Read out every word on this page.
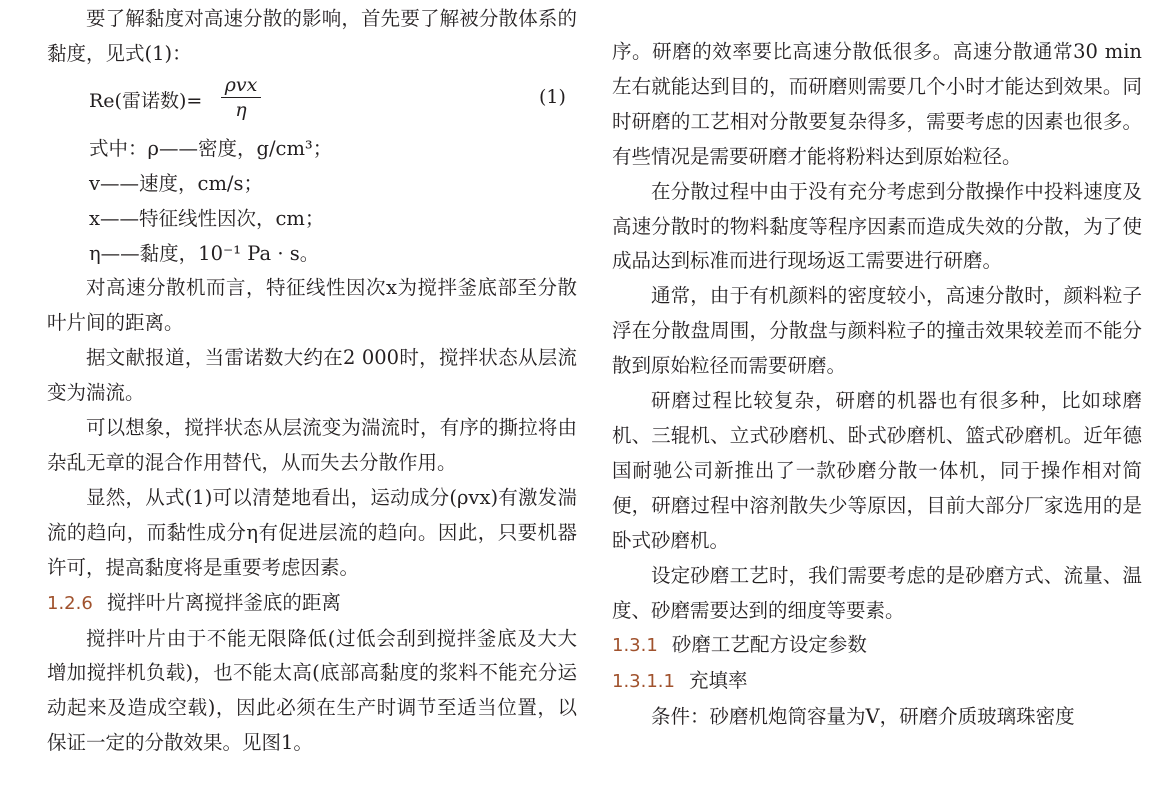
要了解黏度对高速分散的影响，首先要了解被分散体系的黏度，见式(1)：

Re(雷诺数)=
ρvx
η
(1)

式中：ρ——密度，g/cm³；

v——速度，cm/s；

x——特征线性因次，cm；

η——黏度，10⁻¹ Pa · s。

对高速分散机而言，特征线性因次x为搅拌釜底部至分散叶片间的距离。

据文献报道，当雷诺数大约在2 000时，搅拌状态从层流变为湍流。

可以想象，搅拌状态从层流变为湍流时，有序的撕拉将由杂乱无章的混合作用替代，从而失去分散作用。

显然，从式(1)可以清楚地看出，运动成分(ρvx)有激发湍流的趋向，而黏性成分η有促进层流的趋向。因此，只要机器许可，提高黏度将是重要考虑因素。

1.2.6 搅拌叶片离搅拌釜底的距离

搅拌叶片由于不能无限降低(过低会刮到搅拌釜底及大大增加搅拌机负载)，也不能太高(底部高黏度的浆料不能充分运动起来及造成空载)，因此必须在生产时调节至适当位置，以保证一定的分散效果。见图1。

序。研磨的效率要比高速分散低很多。高速分散通常30 min左右就能达到目的，而研磨则需要几个小时才能达到效果。同时研磨的工艺相对分散要复杂得多，需要考虑的因素也很多。有些情况是需要研磨才能将粉料达到原始粒径。

在分散过程中由于没有充分考虑到分散操作中投料速度及高速分散时的物料黏度等程序因素而造成失效的分散，为了使成品达到标准而进行现场返工需要进行研磨。

通常，由于有机颜料的密度较小，高速分散时，颜料粒子浮在分散盘周围，分散盘与颜料粒子的撞击效果较差而不能分散到原始粒径而需要研磨。

研磨过程比较复杂，研磨的机器也有很多种，比如球磨机、三辊机、立式砂磨机、卧式砂磨机、篮式砂磨机。近年德国耐驰公司新推出了一款砂磨分散一体机，同于操作相对简便，研磨过程中溶剂散失少等原因，目前大部分厂家选用的是卧式砂磨机。

设定砂磨工艺时，我们需要考虑的是砂磨方式、流量、温度、砂磨需要达到的细度等要素。

1.3.1 砂磨工艺配方设定参数
1.3.1.1 充填率

条件：砂磨机炮筒容量为V，研磨介质玻璃珠密度
